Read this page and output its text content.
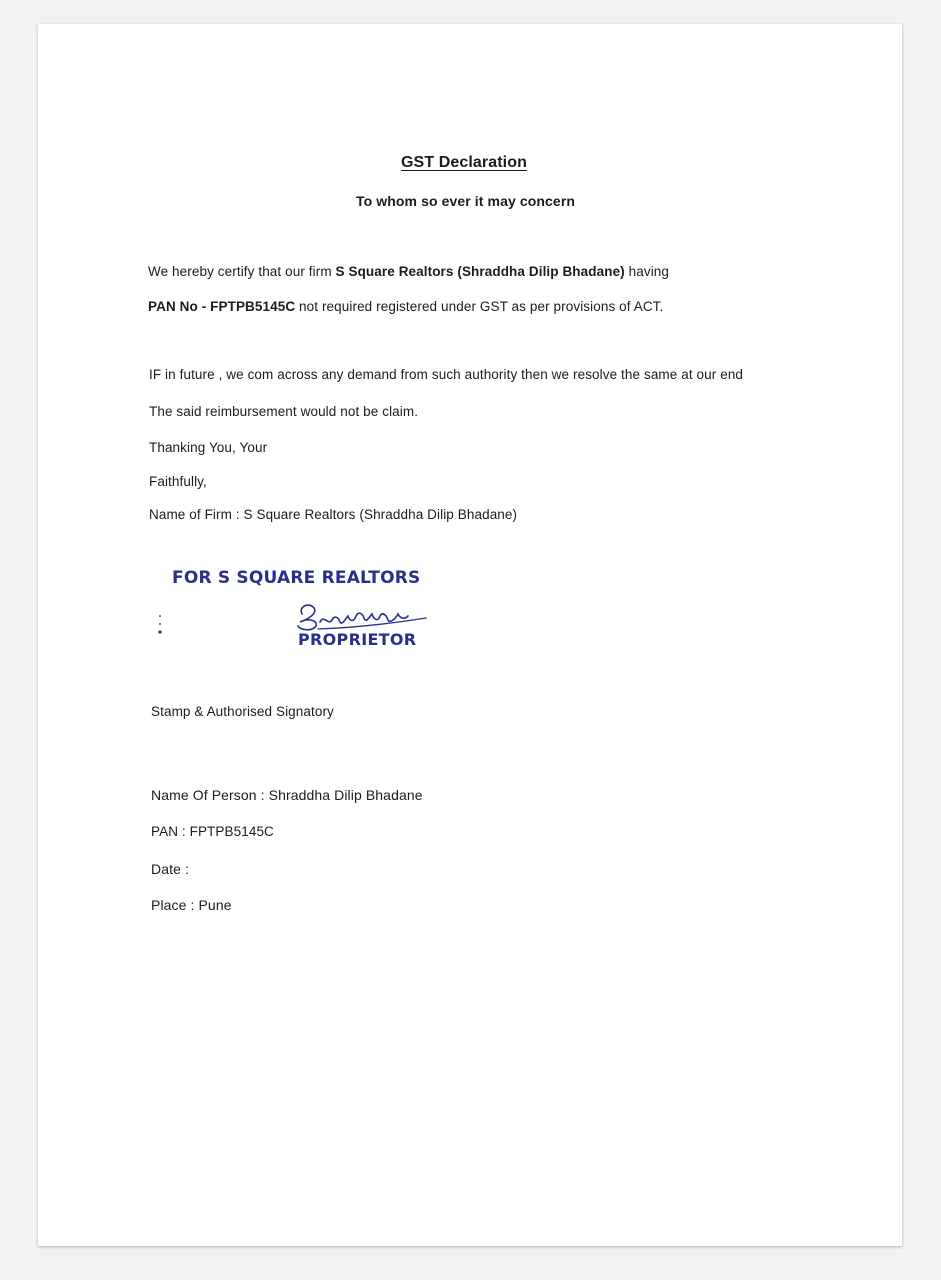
GST Declaration
To whom so ever it may concern
We hereby certify that our firm S Square Realtors (Shraddha Dilip Bhadane) having
PAN No - FPTPB5145C not required registered under GST as per provisions of ACT.
IF in future , we com across any demand from such authority then we resolve the same at our end
The said reimbursement would not be claim.
Thanking You, Your
Faithfully,
Name of Firm : S Square Realtors (Shraddha Dilip Bhadane)
FOR S SQUARE REALTORS
PROPRIETOR
Stamp & Authorised Signatory
Name Of Person : Shraddha Dilip Bhadane
PAN : FPTPB5145C
Date :
Place : Pune
